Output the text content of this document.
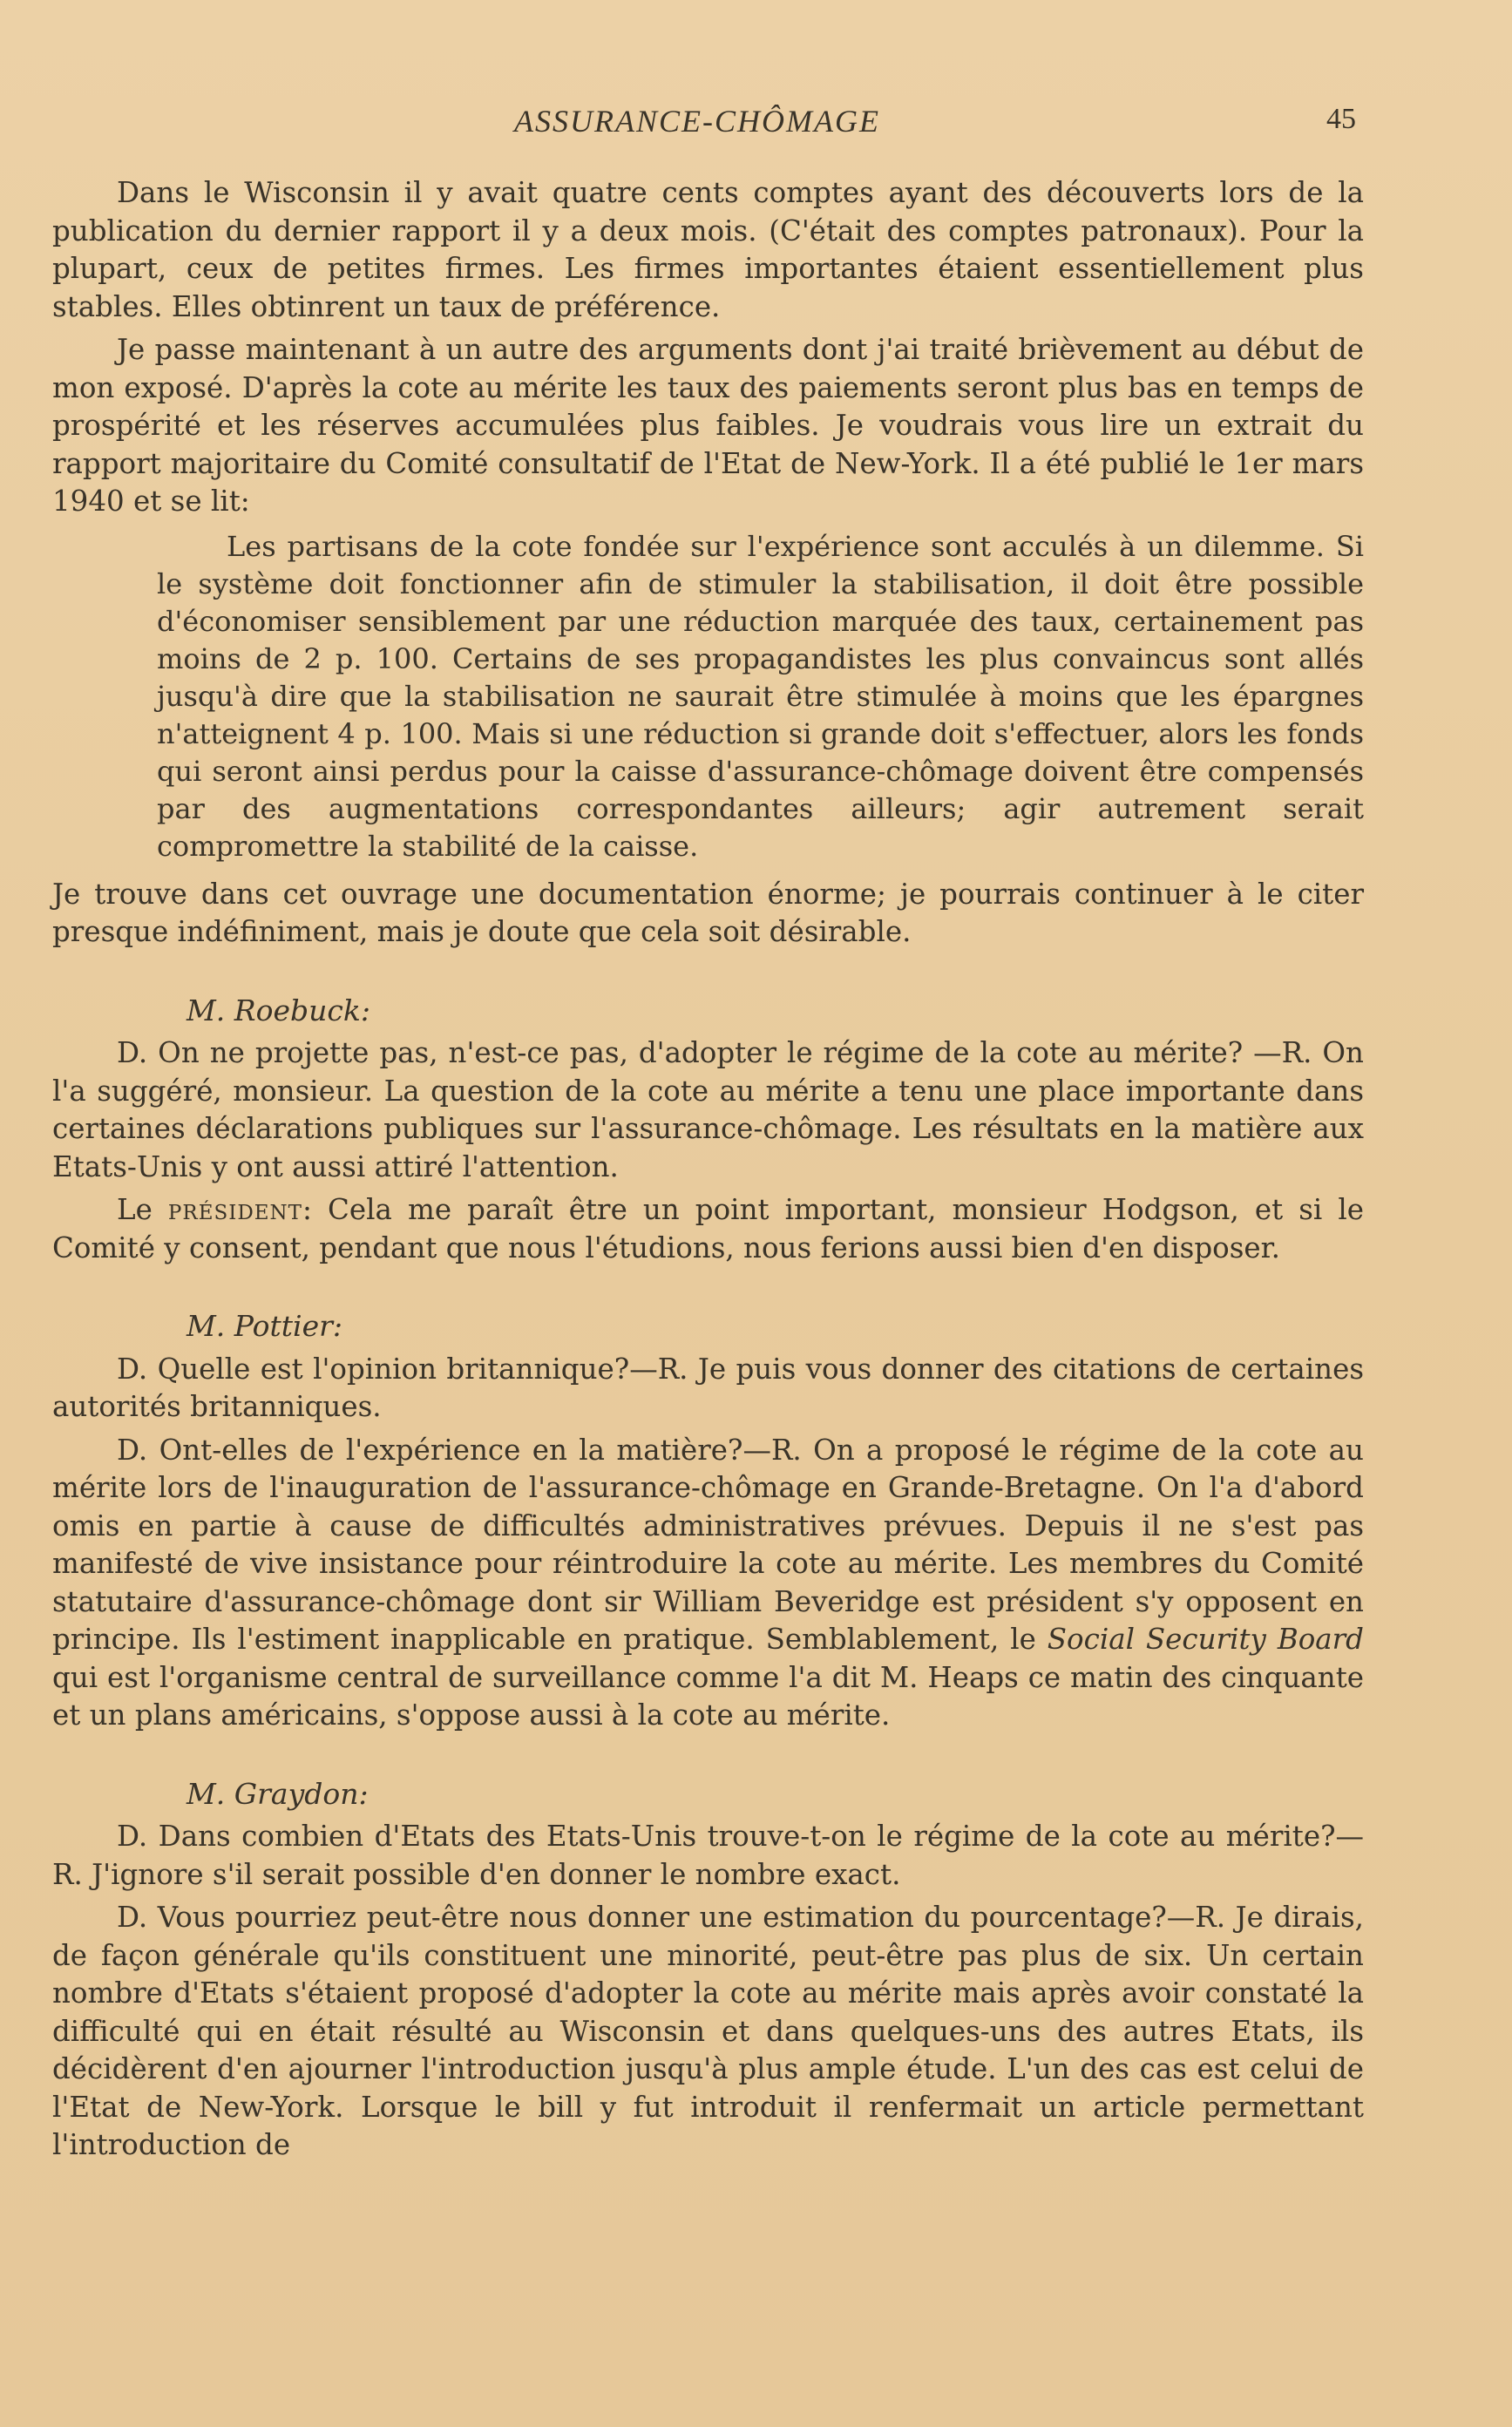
ASSURANCE-CHÔMAGE	45

Dans le Wisconsin il y avait quatre cents comptes ayant des découverts lors de la publication du dernier rapport il y a deux mois. (C'était des comptes patronaux). Pour la plupart, ceux de petites firmes. Les firmes importantes étaient essentiellement plus stables. Elles obtinrent un taux de préférence.

Je passe maintenant à un autre des arguments dont j'ai traité brièvement au début de mon exposé. D'après la cote au mérite les taux des paiements seront plus bas en temps de prospérité et les réserves accumulées plus faibles. Je voudrais vous lire un extrait du rapport majoritaire du Comité consultatif de l'Etat de New-York. Il a été publié le 1er mars 1940 et se lit:

Les partisans de la cote fondée sur l'expérience sont acculés à un dilemme. Si le système doit fonctionner afin de stimuler la stabilisation, il doit être possible d'économiser sensiblement par une réduction marquée des taux, certainement pas moins de 2 p. 100. Certains de ses propagandistes les plus convaincus sont allés jusqu'à dire que la stabilisation ne saurait être stimulée à moins que les épargnes n'atteignent 4 p. 100. Mais si une réduction si grande doit s'effectuer, alors les fonds qui seront ainsi perdus pour la caisse d'assurance-chômage doivent être compensés par des augmentations correspondantes ailleurs; agir autrement serait compromettre la stabilité de la caisse.

Je trouve dans cet ouvrage une documentation énorme; je pourrais continuer à le citer presque indéfiniment, mais je doute que cela soit désirable.

M. Roebuck:

D. On ne projette pas, n'est-ce pas, d'adopter le régime de la cote au mérite? —R. On l'a suggéré, monsieur. La question de la cote au mérite a tenu une place importante dans certaines déclarations publiques sur l'assurance-chômage. Les résultats en la matière aux Etats-Unis y ont aussi attiré l'attention.

Le président: Cela me paraît être un point important, monsieur Hodgson, et si le Comité y consent, pendant que nous l'étudions, nous ferions aussi bien d'en disposer.

M. Pottier:

D. Quelle est l'opinion britannique?—R. Je puis vous donner des citations de certaines autorités britanniques.

D. Ont-elles de l'expérience en la matière?—R. On a proposé le régime de la cote au mérite lors de l'inauguration de l'assurance-chômage en Grande-Bretagne. On l'a d'abord omis en partie à cause de difficultés administratives prévues. Depuis il ne s'est pas manifesté de vive insistance pour réintroduire la cote au mérite. Les membres du Comité statutaire d'assurance-chômage dont sir William Beveridge est président s'y opposent en principe. Ils l'estiment inapplicable en pratique. Semblablement, le Social Security Board qui est l'organisme central de surveillance comme l'a dit M. Heaps ce matin des cinquante et un plans américains, s'oppose aussi à la cote au mérite.

M. Graydon:

D. Dans combien d'Etats des Etats-Unis trouve-t-on le régime de la cote au mérite?—R. J'ignore s'il serait possible d'en donner le nombre exact.

D. Vous pourriez peut-être nous donner une estimation du pourcentage?—R. Je dirais, de façon générale qu'ils constituent une minorité, peut-être pas plus de six. Un certain nombre d'Etats s'étaient proposé d'adopter la cote au mérite mais après avoir constaté la difficulté qui en était résulté au Wisconsin et dans quelques-uns des autres Etats, ils décidèrent d'en ajourner l'introduction jusqu'à plus ample étude. L'un des cas est celui de l'Etat de New-York. Lorsque le bill y fut introduit il renfermait un article permettant l'introduction de
